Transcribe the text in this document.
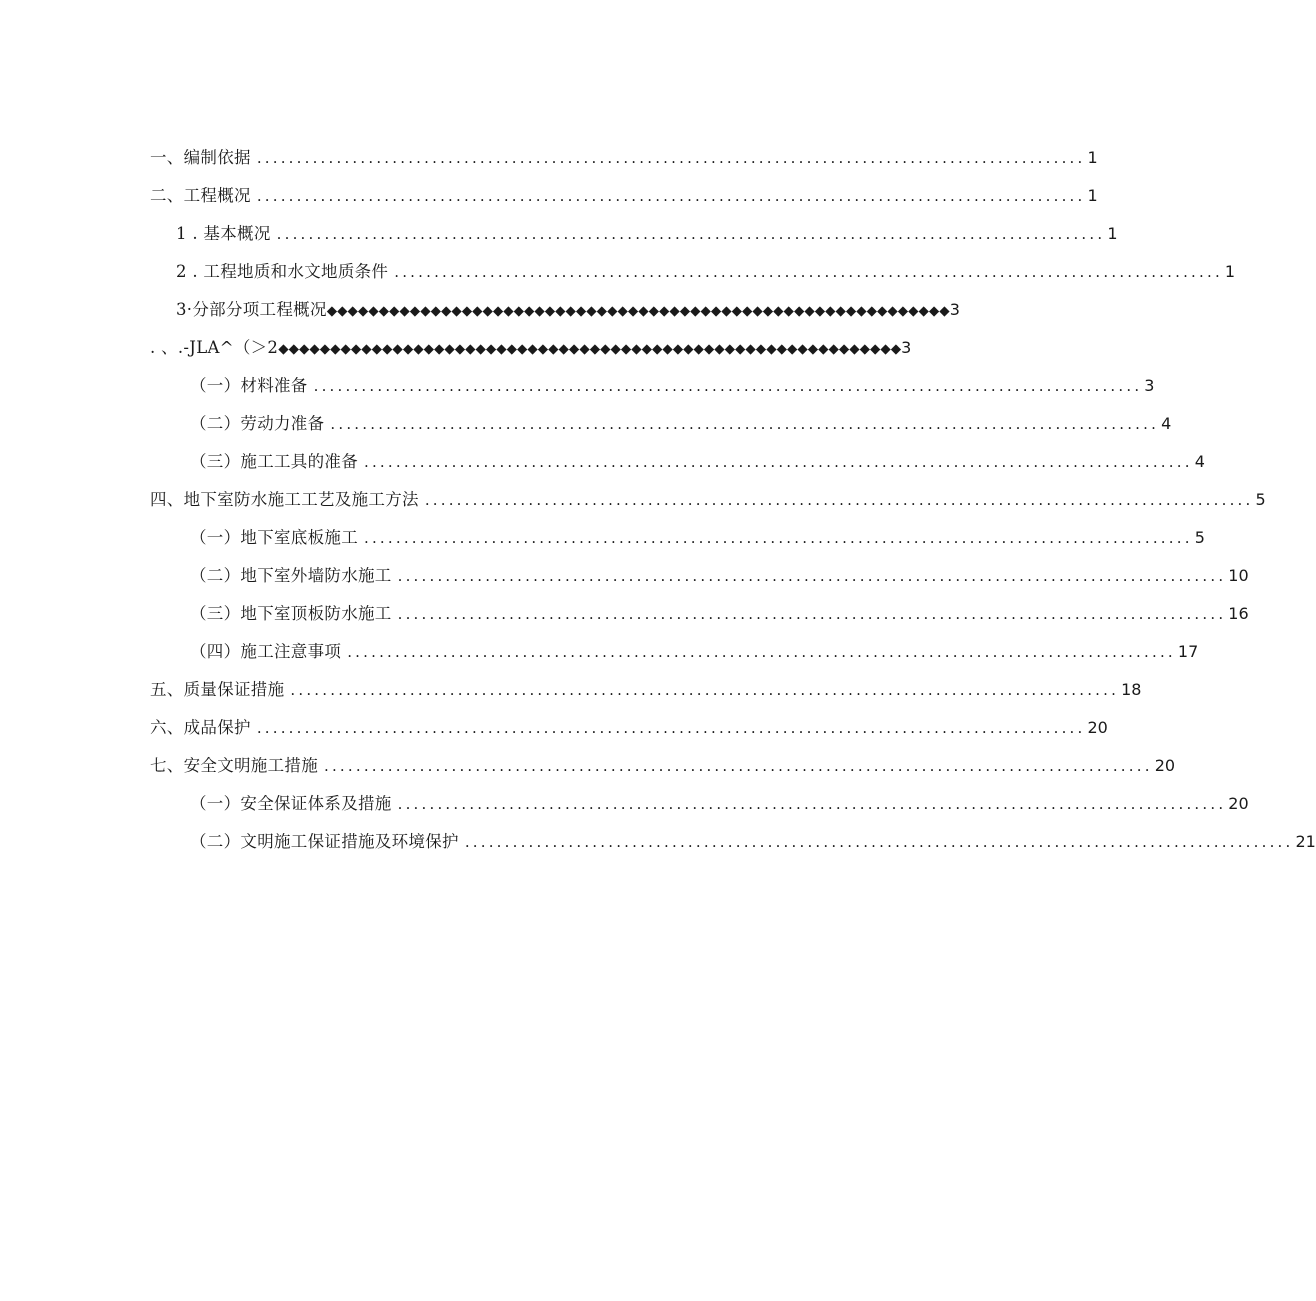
一、编制依据 ........................................................................................................ 1
二、工程概况 ........................................................................................................ 1
1 . 基本概况 ........................................................................................................ 1
2 . 工程地质和水文地质条件 ........................................................................................................ 1
3·分部分项工程概况 ◆◆◆◆◆◆◆◆◆◆◆◆◆◆◆◆◆◆◆◆◆◆◆◆◆◆◆◆◆◆◆◆◆◆◆◆◆◆◆◆◆◆◆◆◆◆◆◆◆◆◆◆◆◆◆◆◆◆◆◆ 3
. 、.-JLA^（＞2 ◆◆◆◆◆◆◆◆◆◆◆◆◆◆◆◆◆◆◆◆◆◆◆◆◆◆◆◆◆◆◆◆◆◆◆◆◆◆◆◆◆◆◆◆◆◆◆◆◆◆◆◆◆◆◆◆◆◆◆◆ 3
（一）材料准备 ........................................................................................................ 3
（二）劳动力准备 ........................................................................................................ 4
（三）施工工具的准备 ........................................................................................................ 4
四、地下室防水施工工艺及施工方法 ........................................................................................................ 5
（一）地下室底板施工 ........................................................................................................ 5
（二）地下室外墙防水施工 ........................................................................................................ 10
（三）地下室顶板防水施工 ........................................................................................................ 16
（四）施工注意事项 ........................................................................................................ 17
五、质量保证措施 ........................................................................................................ 18
六、成品保护 ........................................................................................................ 20
七、安全文明施工措施 ........................................................................................................ 20
（一）安全保证体系及措施 ........................................................................................................ 20
（二）文明施工保证措施及环境保护 ........................................................................................................ 21
